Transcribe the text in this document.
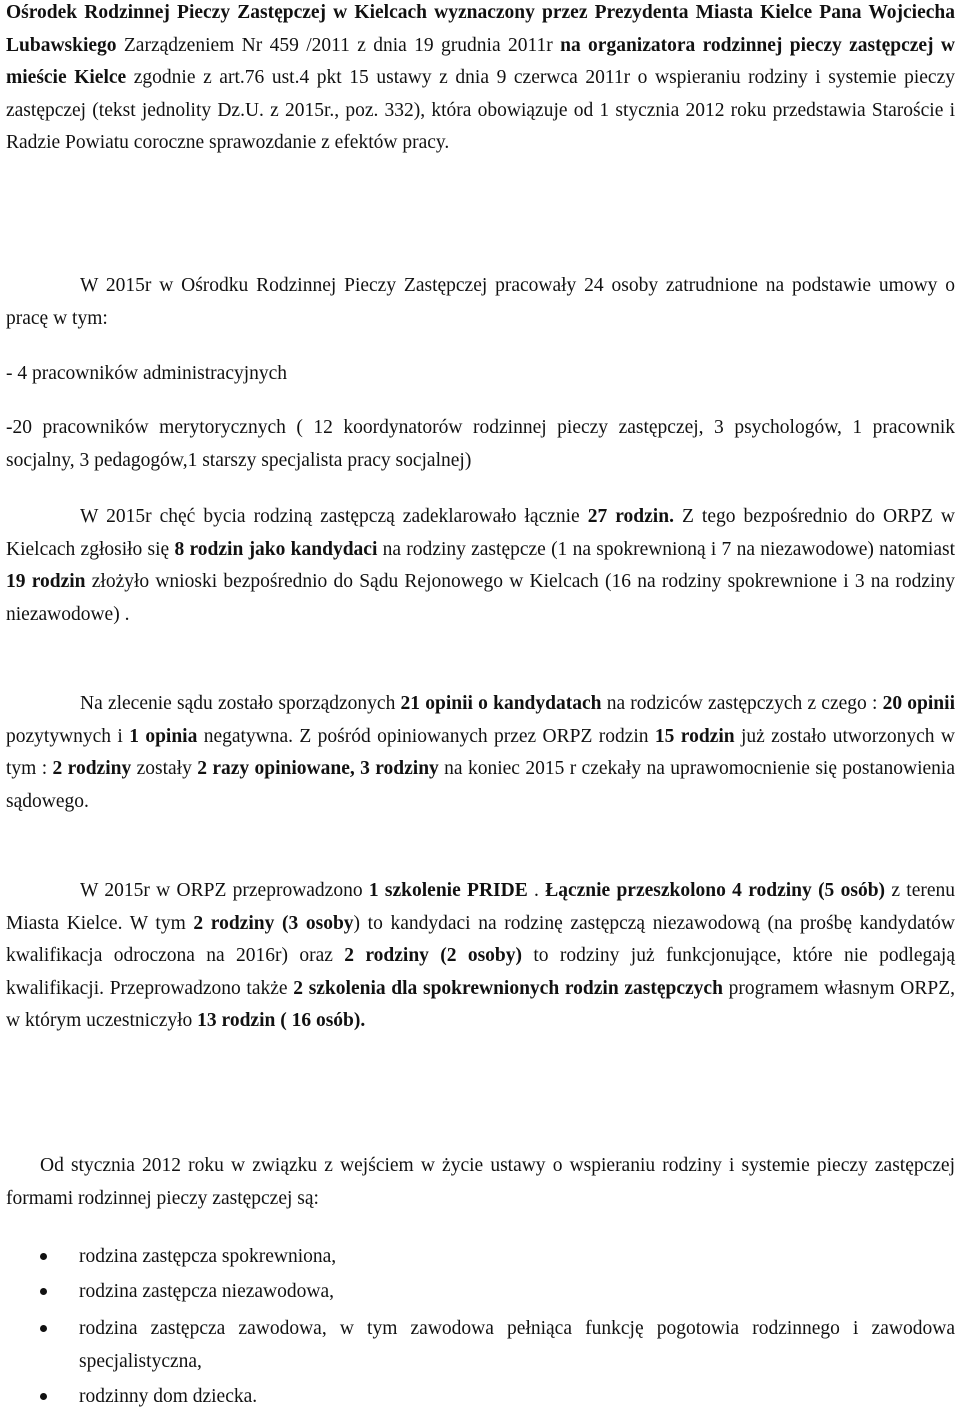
Ośrodek Rodzinnej Pieczy Zastępczej w Kielcach wyznaczony przez Prezydenta Miasta Kielce Pana Wojciecha Lubawskiego Zarządzeniem Nr 459 /2011 z dnia 19 grudnia 2011r na organizatora rodzinnej pieczy zastępczej w mieście Kielce zgodnie z art.76 ust.4 pkt 15 ustawy z dnia 9 czerwca 2011r o wspieraniu rodziny i systemie pieczy zastępczej (tekst jednolity Dz.U. z 2015r., poz. 332), która obowiązuje od 1 stycznia 2012 roku przedstawia Staroście i Radzie Powiatu coroczne sprawozdanie z efektów pracy.

W 2015r w Ośrodku Rodzinnej Pieczy Zastępczej pracowały 24 osoby zatrudnione na podstawie umowy o pracę w tym:

- 4 pracowników administracyjnych

-20 pracowników merytorycznych ( 12 koordynatorów rodzinnej pieczy zastępczej, 3 psychologów, 1 pracownik socjalny, 3 pedagogów,1 starszy specjalista pracy socjalnej)

W 2015r chęć bycia rodziną zastępczą zadeklarowało łącznie 27 rodzin. Z tego bezpośrednio do ORPZ w Kielcach zgłosiło się 8 rodzin jako kandydaci na rodziny zastępcze (1 na spokrewnioną i 7 na niezawodowe) natomiast 19 rodzin złożyło wnioski bezpośrednio do Sądu Rejonowego w Kielcach (16 na rodziny spokrewnione i 3 na rodziny niezawodowe) .

Na zlecenie sądu zostało sporządzonych 21 opinii o kandydatach na rodziców zastępczych z czego : 20 opinii pozytywnych i 1 opinia negatywna. Z pośród opiniowanych przez ORPZ rodzin 15 rodzin już zostało utworzonych w tym : 2 rodziny zostały 2 razy opiniowane, 3 rodziny na koniec 2015 r czekały na uprawomocnienie się postanowienia sądowego.

W 2015r w ORPZ przeprowadzono 1 szkolenie PRIDE . Łącznie przeszkolono 4 rodziny (5 osób) z terenu Miasta Kielce. W tym 2 rodziny (3 osoby) to kandydaci na rodzinę zastępczą niezawodową (na prośbę kandydatów kwalifikacja odroczona na 2016r) oraz 2 rodziny (2 osoby) to rodziny już funkcjonujące, które nie podlegają kwalifikacji. Przeprowadzono także 2 szkolenia dla spokrewnionych rodzin zastępczych programem własnym ORPZ, w którym uczestniczyło 13 rodzin ( 16 osób).

Od stycznia 2012 roku w związku z wejściem w życie ustawy o wspieraniu rodziny i systemie pieczy zastępczej formami rodzinnej pieczy zastępczej są:

rodzina zastępcza spokrewniona,
rodzina zastępcza niezawodowa,
rodzina zastępcza zawodowa, w tym zawodowa pełniąca funkcję pogotowia rodzinnego i zawodowa specjalistyczna,
rodzinny dom dziecka.
